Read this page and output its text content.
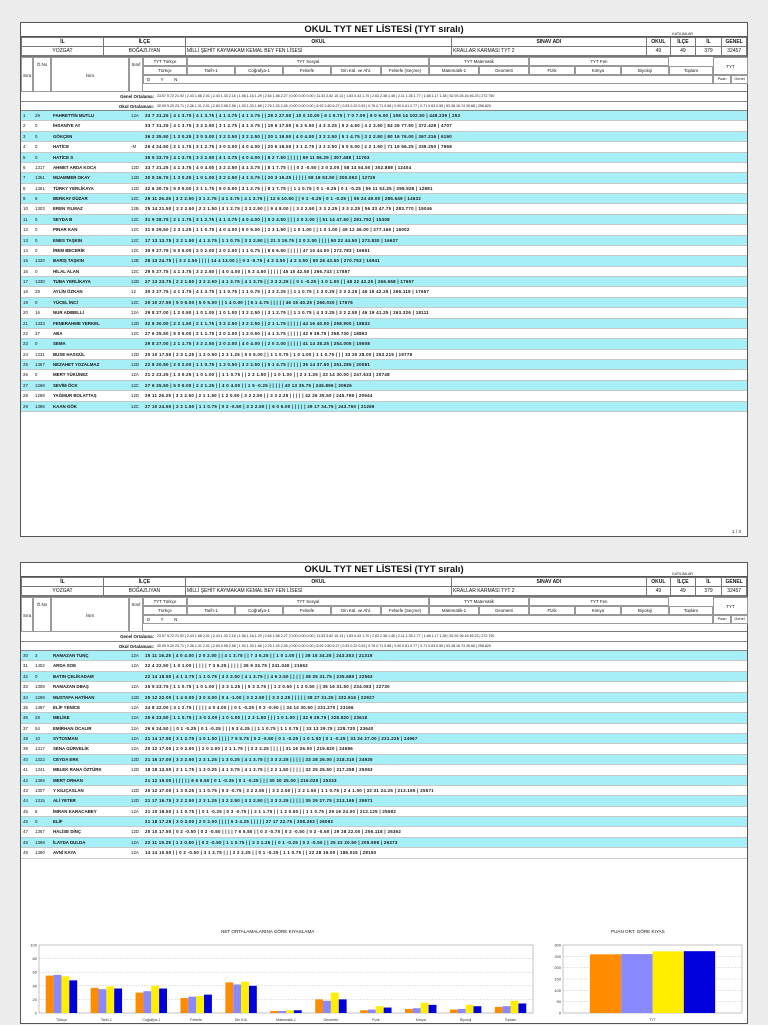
OKUL TYT NET LİSTESİ (TYT sıralı)	KATILIMLAR
İL	İLÇE	OKUL	SINAV ADI	OKUL	İLÇE	İL	GENEL
YOZGAT	BOĞAZLIYAN	MİLLİ ŞEHİT KAYMAKAM KEMAL BEY FEN LİSESİ	KRALLAR KARMASI TYT 2	49	49	379	32457
Sıra
Ö.No
İsim
Sınıf
TYT Türkçe	TYT Sosyal	TYT Matematik	TYT Fen
Türkçe	Tarih-1	Coğrafya-1	Felsefe	Din Kül. ve Ahl.	Felsefe (Seçme)	Matematik-1	Geometri	Fizik	Kimya	Biyoloji	Toplam
TYT
Puan	Genel
DYN
Genel Ortalama: 23.57 5.72 21.92 | 2.43 1.68 2.01 | 2.43 1.33 2.16 | 1.56 1.16 1.29 | 2.64 1.58 2.27 | 0.00 0.00 0.00 | 11.53 3.62 10.13 | 1.83 0.43 1.70 | 2.63 2.38 1.46 | 2.11 1.35 1.77 | 1.68 1.17 1.38 | 52.93 26.16 46.23 | 272.750
Okul Ortalaması: 30.09 5.20 23.71 | 2.36 1.31 2.01 | 2.83 0.98 2.58 | 1.93 1.33 1.68 | 2.76 1.33 2.45 | 0.00 0.00 0.00 | 6.92 2.60 6.27 | 0.53 0.22 0.53 | 0.76 0.71 0.58 | 0.90 0.61 0.77 | 0.71 0.63 0.55 | 53.38 16.74 39.68 | 258.820
1	29	FAHRETTİN MUTLU	12A	33 7 31.25 | 4 1 3.75 | 4 1 3.75 | 4 1 3.75 | 4 1 3.75 | | 28 2 27.50 | 10 0 10.00 | 6 1 5.75 | 7 0 7.00 | 6 0 6.00 | 106 14 102.50 | 448.239 | 253
2	0	İHSANİYE AY	33 7 31.25 | 4 1 3.75 | 3 2 2.50 | 3 1 2.75 | 4 1 3.75 | | 19 6 17.50 | 6 2 5.50 | 4 3 3.25 | 5 2 4.50 | 4 2 3.50 | 84 26 77.50 | 372.428 | 4707
3	0	GÖKÇEN	36 2 35.50 | 1 3 0.25 | 3 0 3.00 | 3 2 2.50 | 3 2 2.50 | | 20 1 19.50 | 4 0 4.00 | 3 2 2.50 | 5 1 4.75 | 3 2 2.50 | 80 16 76.00 | 367.216 | 6190
4	0	HATİCE	-M	26 4 24.50 | 2 1 1.75 | 3 1 2.75 | 3 0 3.00 | 4 0 4.00 | | 20 6 18.50 | 3 1 2.75 | 3 2 2.50 | 5 0 5.00 | 2 2 1.50 | 71 19 66.25 | 339.250 | 7968
5	0	HATİCE S	35 5 33.75 | 4 1 3.75 | 3 2 2.50 | 4 1 3.75 | 4 0 4.00 | | 8 2 7.50 | | | | | 59 11 56.25 | 307.488 | 11763
6	1317	AHMET ARDA KOCA	12D	33 7 31.25 | 4 1 3.75 | 4 0 4.00 | 3 2 2.50 | 4 1 3.75 | | 8 1 7.75 | | | 0 2 -0.50 | 2 0 2.00 | 58 14 54.50 | 302.888 | 12404
7	1361	MUAMMER OKAY	12D	30 9 26.75 | 1 3 0.25 | 1 0 1.00 | 3 2 2.50 | 4 1 3.75 | | 20 3 19.25 | | | | | 58 18 53.50 | 300.093 | 12720
8	1361	TÜRKY YERLİKAYA	12D	32 6 30.75 | 5 0 5.00 | 2 1 1.75 | 5 0 5.00 | 3 1 2.75 | | 8 1 7.75 | | 1 1 0.75 | 0 1 -0.25 | 0 1 -0.25 | 56 11 53.25 | 298.928 | 12881
9	5	BERKAY DÜZAR	12C	29 11 26.25 | 3 2 2.50 | 3 1 2.75 | 4 1 3.75 | 4 1 3.75 | | 12 6 10.50 | | 0 1 -0.25 | 0 1 -0.25 | | 55 24 49.00 | 285.649 | 14632
10	1303	EREN YILMAZ	12B	25 14 21.50 | 3 2 2.50 | 2 2 1.50 | 3 1 2.75 | 3 2 2.50 | | 9 4 8.00 | | 3 2 2.50 | 3 3 2.25 | 3 3 2.25 | 56 33 47.75 | 283.770 | 15046
11	0	SEYDA B	12C	31 9 28.75 | 2 1 1.75 | 3 1 2.75 | 4 1 3.75 | 4 0 4.00 | | 5 2 4.50 | | | 2 0 2.00 | | 51 14 47.50 | 281.792 | 15308
12	0	PINAR KAN	12C	31 6 29.50 | 2 3 1.25 | 1 1 0.75 | 4 0 4.00 | 5 0 5.00 | | 2 3 1.50 | | 1 0 1.00 | | 1 0 1.00 | 49 12 46.00 | 277.166 | 16002
13	0	ENES TAŞKIN	12C	17 13 13.75 | 2 2 1.50 | 4 1 3.75 | 1 1 0.75 | 3 2 2.50 | | 21 3 19.75 | 2 0 2.00 | | | | 50 22 44.50 | 273.830 | 16627
14	0	İREM BECERİK	12C	30 9 27.75 | 5 0 5.00 | 2 0 2.00 | 2 0 2.00 | 1 1 0.75 | | 8 6 6.50 | | | | | 47 10 44.00 | 272.783 | 16661
15	1320	BARIŞ TAŞKIN	12B	28 13 24.75 | | 3 2 2.50 | | | | 14 4 13.00 | | 0 3 -0.75 | 4 2 3.50 | 4 2 3.50 | 50 26 43.50 | 270.753 | 16941
16	0	HİLAL ALAN	12C	29 5 27.75 | 4 1 3.75 | 3 2 2.50 | | 4 0 4.00 | | 5 2 4.50 | | | | | 45 10 42.50 | 266.743 | 17857
17	1330	TUBA YERLİKAYA	12D	27 13 23.75 | 2 2 1.50 | 3 2 2.50 | 4 1 3.75 | 4 1 3.75 | | 3 3 2.25 | | 0 1 -0.25 | 1 0 1.00 | | 48 22 42.25 | 266.658 | 17657
18	29	AYLİN ÖZKAN	12	30 3 27.75 | 4 1 3.75 | 4 1 3.75 | 1 1 0.75 | 1 1 0.75 | | 3 3 2.25 | | 1 1 0.75 | 1 3 0.25 | 3 3 2.25 | 46 16 42.25 | 266.119 | 17657
19	0	YÜCEL İNCİ	12C	20 10 27.50 | 5 0 5.00 | 5 0 5.00 | | 1 4 0.00 | | 5 1 4.75 | | | | | 46 15 40.25 | 266.020 | 17676
20	16	NUR ADIBELLİ	12A	29 8 27.00 | 1 2 0.50 | 1 0 1.00 | 1 0 1.00 | 3 2 2.50 | | 3 1 2.75 | | 1 1 0.75 | 4 3 3.25 | 3 2 2.50 | 46 19 41.25 | 263.326 | 18111
21	1333	FENERAHME YERKEL	12D	32 8 30.00 | 2 2 1.50 | 2 1 1.75 | 3 2 2.50 | 3 2 2.50 | | 2 1 1.75 | | | | | 44 16 40.00 | 258.900 | 18832
22	37	ABA	12C	27 6 25.50 | 5 0 5.00 | 2 1 1.75 | 2 0 2.00 | 1 2 0.50 | | 4 1 3.75 | | | | | 42 9 39.75 | 258.730 | 18863
23	0	SEMA	29 8 27.00 | 2 1 1.75 | 3 2 2.50 | 2 0 2.00 | 4 0 4.00 | | 2 0 2.00 | | | | | 41 14 38.25 | 254.005 | 19608
24	1331	BUSE HASGÜL	12D	20 10 17.50 | 2 3 1.25 | 1 2 0.50 | 2 3 1.25 | 5 0 5.00 | | 1 1 0.75 | 1 0 1.00 | 1 1 0.75 | | | 33 20 28.00 | 253.215 | 19778
25	1367	NEZAHET YOZALMAZ	12D	22 8 20.50 | 2 0 2.00 | 1 1 0.75 | 1 2 0.50 | 3 2 2.50 | | 5 1 4.75 | | | | | 35 14 37.50 | 251.285 | 20081
26	0	MERT YÜKÜNEZ	12A	21 2 23.25 | 1 3 0.25 | 1 0 1.00 | | 1 1 0.75 | | 2 2 1.50 | | 1 0 1.00 | | 2 3 1.25 | 33 14 30.00 | 247.633 | 20748
27	1268	SEVİM ÖCK	12C	27 6 25.50 | 5 0 5.00 | 2 3 1.25 | | 4 0 4.00 | | 1 5 -0.25 | | | | | 40 13 35.75 | 245.896 | 20926
28	1289	YAĞMUR BOLATTAŞ	12D	29 11 26.25 | 3 2 2.50 | 2 1 1.50 | 1 2 0.50 | 3 2 2.50 | | 3 3 2.25 | | | | | 42 26 35.50 | 245.798 | 20944
29	1386	KAAN GÖK	12C	27 10 24.50 | 2 2 1.50 | 1 1 0.75 | 0 2 -0.50 | 3 2 2.50 | | 6 0 6.00 | | | | | 39 17 34.75 | 243.760 | 21269
1 / 3
OKUL TYT NET LİSTESİ (TYT sıralı)	KATILIMLAR
İL	İLÇE	OKUL	SINAV ADI	OKUL	İLÇE	İL	GENEL
YOZGAT	BOĞAZLIYAN	MİLLİ ŞEHİT KAYMAKAM KEMAL BEY FEN LİSESİ	KRALLAR KARMASI TYT 2	49	49	379	32457
Sıra
Ö.No
İsim
Sınıf
TYT Türkçe	TYT Sosyal	TYT Matematik	TYT Fen
Türkçe	Tarih-1	Coğrafya-1	Felsefe	Din Kül. ve Ahl.	Felsefe (Seçme)	Matematik-1	Geometri	Fizik	Kimya	Biyoloji	Toplam
TYT
Puan	Genel
DYN
Genel Ortalama: 23.57 5.72 21.92 | 2.43 1.68 2.01 | 2.43 1.33 2.16 | 1.56 1.16 1.29 | 2.64 1.58 2.27 | 0.00 0.00 0.00 | 11.53 3.62 10.13 | 1.83 0.43 1.70 | 2.63 2.38 1.46 | 2.11 1.35 1.77 | 1.68 1.17 1.38 | 52.93 26.16 46.23 | 272.750
Okul Ortalaması: 30.09 5.20 23.71 | 2.36 1.31 2.01 | 2.83 0.98 2.58 | 1.93 1.33 1.68 | 2.76 1.33 2.45 | 0.00 0.00 0.00 | 6.92 2.60 6.27 | 0.53 0.22 0.53 | 0.76 0.71 0.58 | 0.90 0.61 0.77 | 0.71 0.63 0.55 | 53.38 16.74 39.68 | 258.820
30	3	RAMAZAN TUNÇ	12A	15 11 16.25 | 4 0 4.00 | 2 0 2.00 | | 4 1 3.75 | | 7 3 6.25 | | 1 0 1.00 | | | 38 15 34.25 | 243.303 | 21319
31	1402	ARDA SOE	12A	22 4 22.50 | 1 0 1.00 | | | | | 7 3 6.25 | | | | | 36 9 33.75 | 241.040 | 21662
32	0	BATIN ÇELİKADAM	22 14 18.50 | 4 1 3.75 | 1 1 0.75 | 3 2 2.50 | 4 1 3.75 | | 4 6 2.50 | | | | | 38 25 31.75 | 235.680 | 22563
33	1308	RAMAZAN DBAŞ	12A	25 5 23.75 | 1 1 0.75 | 1 0 1.00 | | 2 3 1.25 | | 5 3 3.75 | | 1 2 0.50 | 1 2 0.50 | | 36 16 31.50 | 234.083 | 22730
34	1298	MUSTAFA HATİHAN	12D	25 12 22.00 | 1 4 0.00 | 3 0 3.00 | 0 4 -1.00 | 3 2 2.50 | | 3 3 2.25 | | | | | 38 27 31.25 | 232.916 | 22927
35	1397	ELİF YENİCE	12A	24 8 22.00 | 3 1 2.75 | | | | | 4 0 4.00 | | 0 1 -0.25 | 0 2 -0.50 | | 34 14 30.50 | 231.270 | 23166
36	28	MELİKE	12A	25 6 23.50 | 1 1 0.75 | | 2 0 2.00 | 1 0 1.00 | | 2 2 1.50 | | | 1 0 1.00 | | 32 9 29.75 | 228.820 | 23618
37	54	EMİRHAN ÖCALIR	12A	26 6 24.50 | | 0 1 -0.25 | 0 1 -0.25 | | | 5 3 4.25 | | 1 1 0.75 | 1 1 0.75 | | 33 13 29.75 | 228.720 | 23640
38	10	SYTOSMAN	12A	21 14 17.50 | 3 1 2.75 | 1 0 1.00 | | | | 7 5 5.75 | 0 2 -0.50 | 0 1 -0.25 | 1 0 1.00 | 0 1 -0.25 | 33 24 27.00 | 221.225 | 24967
39	1317	SENA GÜRVELİK	12A	20 12 17.00 | 2 0 2.00 | | 2 0 2.00 | 2 1 1.75 | | 3 3 2.25 | | | | | 31 16 26.00 | 219.820 | 24686
40	1322	CEYDA ERK	12D	21 16 17.00 | 3 2 2.50 | 2 3 1.25 | 1 3 0.25 | 4 1 3.75 | | 3 3 2.25 | | | | | 33 28 26.00 | 218.310 | 24925
41	1341	MELEK RANA ÖZTÜRK	12D	18 18 13.50 | 2 1 1.75 | 1 3 0.25 | 4 1 3.75 | 4 1 3.75 | | 2 2 1.50 | | | | | 32 25 25.50 | 217.258 | 25063
42	1369	MERT ORHAN	21 12 19.00 | | | | | | 8 6 6.50 | 0 1 -0.25 | 0 1 -0.25 | | | 30 20 25.00 | 216.020 | 25333
43	1307	Y KILIÇASLAN	12D	20 12 17.00 | 1 3 0.25 | 1 1 0.75 | 0 3 -0.75 | 3 2 2.50 | | 3 2 2.50 | | 2 2 1.50 | 1 1 0.75 | 2 4 1.00 | 32 31 24.25 | 213.165 | 25571
44	1315	ALİ YETER	12D	21 17 16.75 | 3 2 2.50 | 2 3 1.25 | 3 2 2.50 | 3 2 2.50 | | 3 3 2.25 | | | | | 35 29 27.75 | 213.165 | 25571
45	8	İMRAN KARACABEY	12A	21 10 18.50 | 1 1 0.75 | | 0 1 -0.25 | 0 3 -0.75 | | 2 1 1.75 | | 1 2 0.50 | | 1 1 0.75 | 29 16 24.00 | 212.125 | 25682
46	0	ELİF	21 18 17.25 | 3 0 3.00 | 2 0 2.00 | | | | 5 3 4.25 | | | | | 27 17 22.75 | 208.263 | 26092
47	1367	HALİSE DİNÇ	12D	20 10 17.50 | 0 2 -0.50 | 0 2 -0.50 | | | | 7 6 5.50 | | 0 3 -0.75 | 0 2 -0.50 | 0 2 -0.50 | 29 28 22.00 | 206.118 | 26362
48	1398	İLAYDA DULDA	12A	22 11 19.25 | 1 2 0.50 | | 0 2 -0.50 | 1 1 0.75 | | 2 3 1.25 | | 0 1 -0.25 | 0 2 -0.50 | | 25 22 20.50 | 205.908 | 26373
49	1390	AVNİ KAYA	12A	14 14 10.50 | | 0 2 -0.50 | 3 1 2.75 | | | 3 3 2.25 | | 0 1 -0.25 | 1 1 0.75 | | 22 28 15.00 | 186.015 | 28150
NET ORTALAMALARINA GÖRE KIYASLAMA	PUAN ORT. GÖRE KIYAS
100
80
60
40
20
0
Türkçe	Tarih-1	Coğrafya-1	Felsefe	Din Kül.	Matematik-1	Geometri	Fizik	Kimya	Biyoloji	Toplam
300
250
200
150
100
50
0
TYT
